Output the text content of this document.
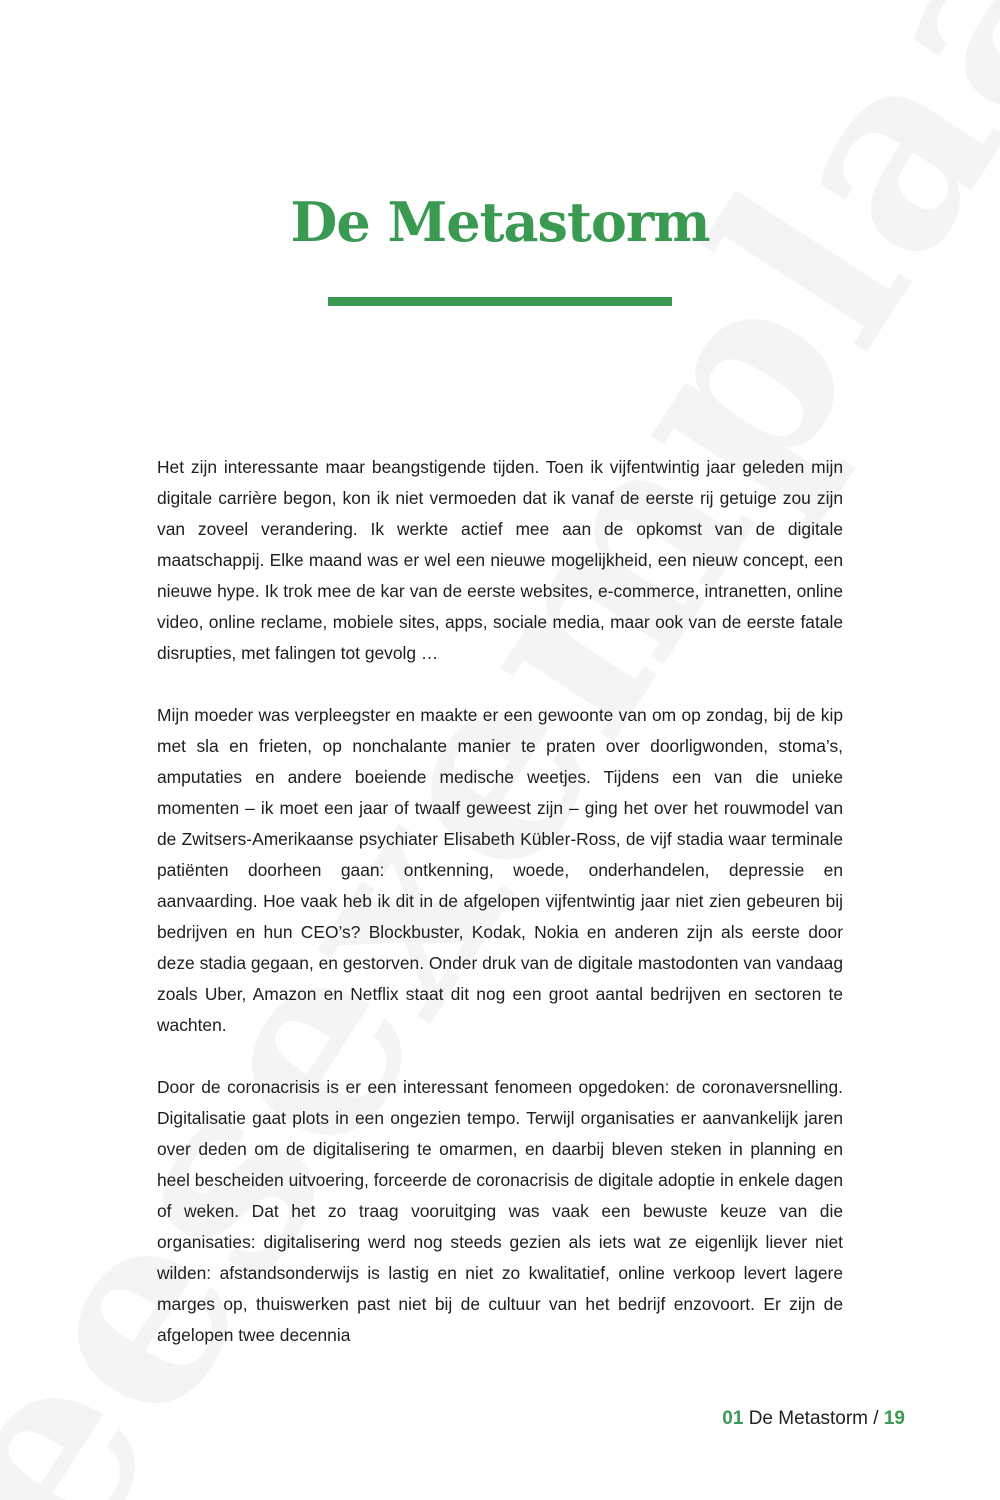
De Metastorm

Het zijn interessante maar beangstigende tijden. Toen ik vijfentwintig jaar geleden mijn digitale carrière begon, kon ik niet vermoeden dat ik vanaf de eerste rij getuige zou zijn van zoveel verandering. Ik werkte actief mee aan de opkomst van de digitale maatschappij. Elke maand was er wel een nieuwe mogelijkheid, een nieuw concept, een nieuwe hype. Ik trok mee de kar van de eerste websites, e-commerce, intranetten, online video, online reclame, mobiele sites, apps, sociale media, maar ook van de eerste fatale disrupties, met falingen tot gevolg …

Mijn moeder was verpleegster en maakte er een gewoonte van om op zondag, bij de kip met sla en frieten, op nonchalante manier te praten over doorligwonden, stoma’s, amputaties en andere boeiende medische weetjes. Tijdens een van die unieke momenten – ik moet een jaar of twaalf geweest zijn – ging het over het rouwmodel van de Zwitsers-Amerikaanse psychiater Elisabeth Kübler-Ross, de vijf stadia waar terminale patiënten doorheen gaan: ontkenning, woede, onderhandelen, depressie en aanvaarding. Hoe vaak heb ik dit in de afgelopen vijfentwintig jaar niet zien gebeuren bij bedrijven en hun CEO’s? Blockbuster, Kodak, Nokia en anderen zijn als eerste door deze stadia gegaan, en gestorven. Onder druk van de digitale mastodonten van vandaag zoals Uber, Amazon en Netflix staat dit nog een groot aantal bedrijven en sectoren te wachten.

Door de coronacrisis is er een interessant fenomeen opgedoken: de coronaversnelling. Digitalisatie gaat plots in een ongezien tempo. Terwijl organisaties er aanvankelijk jaren over deden om de digitalisering te omarmen, en daarbij bleven steken in planning en heel bescheiden uitvoering, forceerde de coronacrisis de digitale adoptie in enkele dagen of weken. Dat het zo traag vooruitging was vaak een bewuste keuze van die organisaties: digitalisering werd nog steeds gezien als iets wat ze eigenlijk liever niet wilden: afstandsonderwijs is lastig en niet zo kwalitatief, online verkoop levert lagere marges op, thuiswerken past niet bij de cultuur van het bedrijf enzovoort. Er zijn de afgelopen twee decennia

01 De Metastorm / 19
